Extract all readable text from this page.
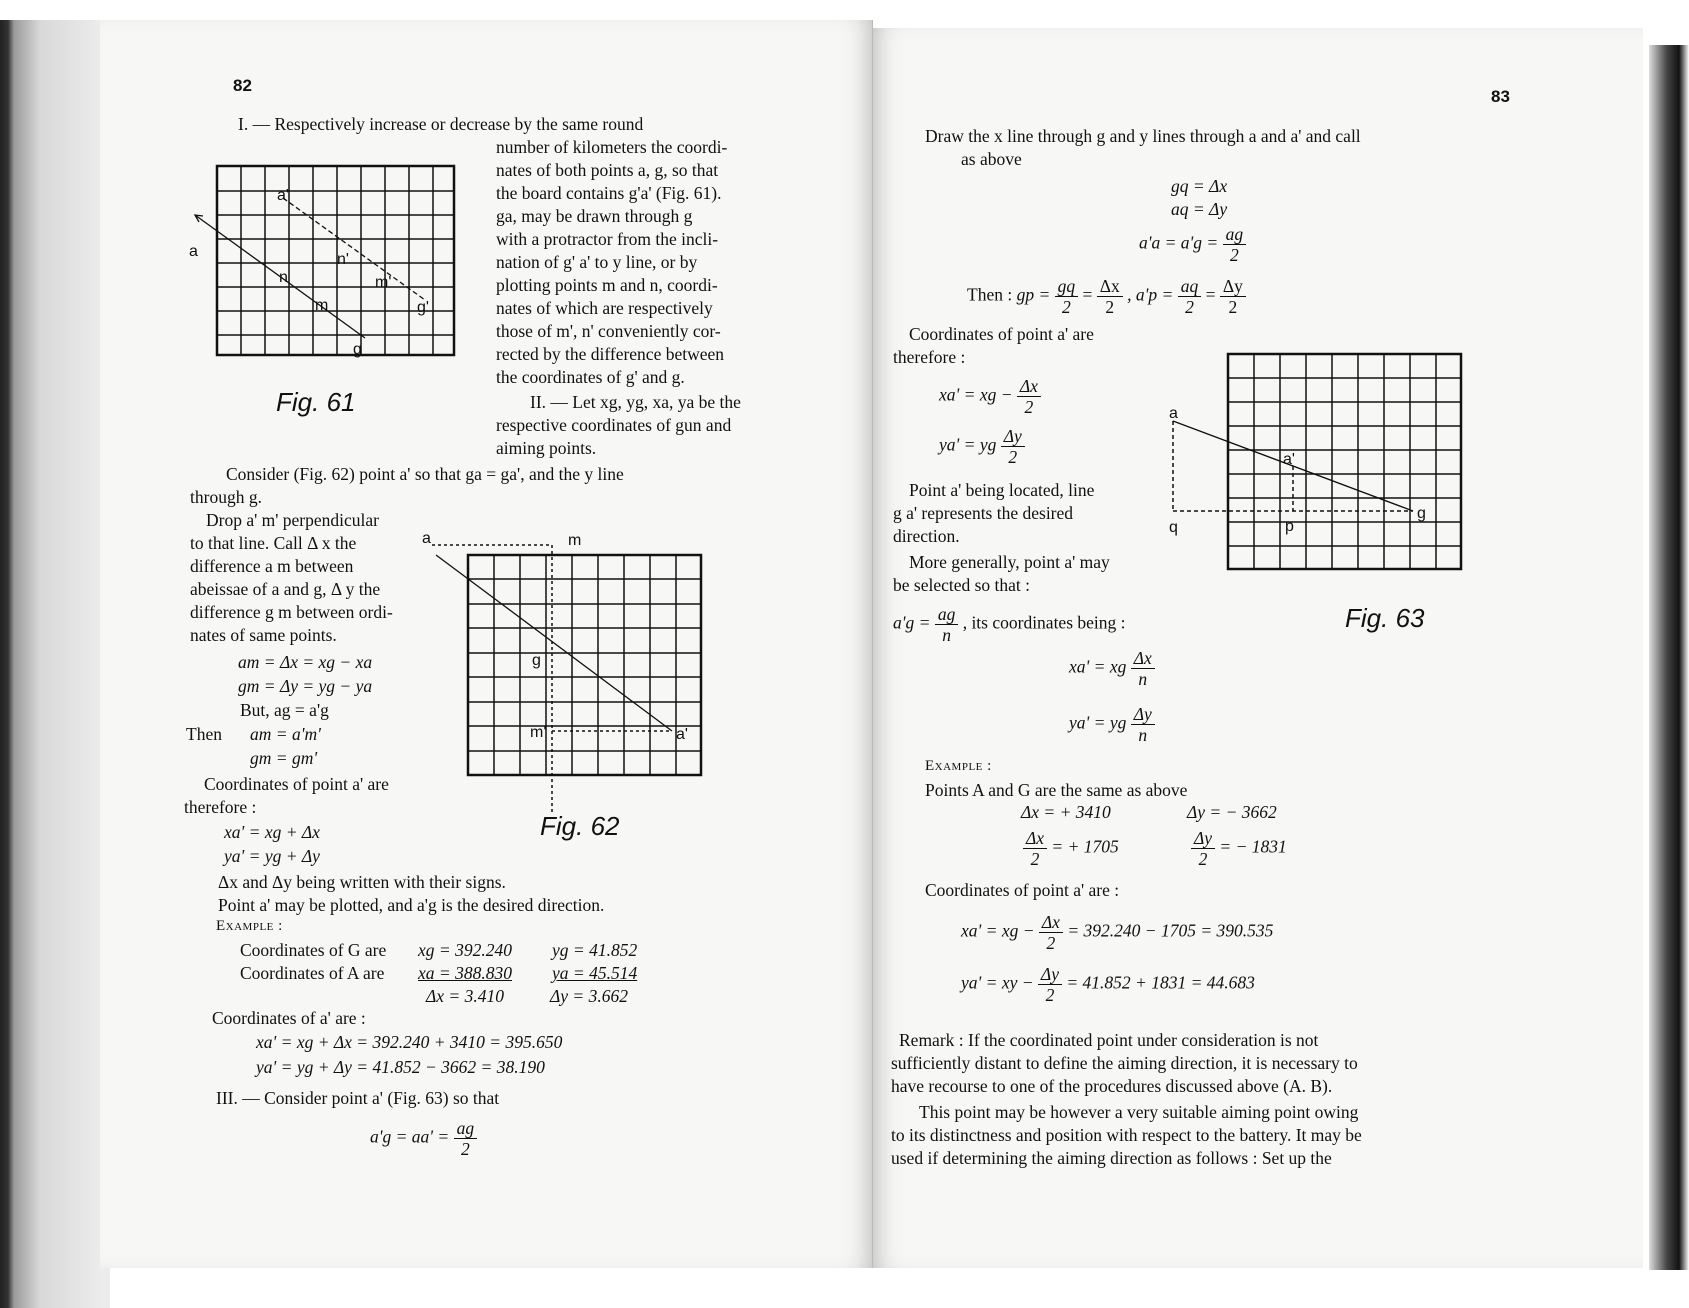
82
I. — Respectively increase or decrease by the same round
number of kilometers the coordi-
nates of both points a, g, so that
the board contains g'a' (Fig. 61).
ga, may be drawn through g
with a protractor from the incli-
nation of g' a' to y line, or by
plotting points m and n, coordi-
nates of which are respectively
those of m', n' conveniently cor-
rected by the difference between
the coordinates of g' and g.
a
a'
n
n'
m
m'
g
g'
Fig. 61	II. — Let xg, yg, xa, ya be the
respective coordinates of gun and
aiming points.
Consider (Fig. 62) point a' so that ga = ga', and the y line
through g.
Drop a' m' perpendicular
to that line. Call Δ x the
difference a m between
abeissae of a and g, Δ y the
difference g m between ordi-
nates of same points.
am = Δx = xg − xa
gm = Δy = yg − ya
But, ag = a'g
Then am = a'm'
gm = gm'
Coordinates of point a' are
therefore :
xa' = xg + Δx
ya' = yg + Δy
Δx and Δy being written with their signs.
Point a' may be plotted, and a'g is the desired direction.
Example :
Coordinates of G are xg = 392.240 yg = 41.852
Coordinates of A are xa = 388.830 ya = 45.514
Δx = 3.410	Δy = 3.662
Coordinates of a' are :
xa' = xg + Δx = 392.240 + 3410 = 395.650
ya' = yg + Δy = 41.852 − 3662 = 38.190
III. — Consider point a' (Fig. 63) so that
$a'g = aa' = \frac{ag}{2}$
a	m
g
m'	a'
Fig. 62
83
Draw the x line through g and y lines through a and a' and call
as above
gq = Δx
aq = Δy
$a'a = a'g = \frac{ag}{2}$
Then : gp = $\frac{gq}{2} = \frac{\Delta x}{2}$ , $a'p = \frac{aq}{2} = \frac{\Delta y}{2}$
Coordinates of point a' are
therefore :
xa' = xg − $\frac{\Delta x}{2}$
ya' = yg $\frac{\Delta y}{2}$
Point a' being located, line
g a' represents the desired
direction.
More generally, point a' may
be selected so that :
$a'g = \frac{ag}{n}$ , its coordinates being :
xa' = xg $\frac{\Delta x}{n}$
ya' = yg $\frac{\Delta y}{n}$
Example :
Points A and G are the same as above
Δx = + 3410	Δy = − 3662
$\frac{\Delta x}{2}$ = + 1705	$\frac{\Delta y}{2}$ = − 1831
Coordinates of point a' are :
xa' = xg − $\frac{\Delta x}{2} = 392.240 - 1705 = 390.535$
ya' = xy − $\frac{\Delta y}{2} = 41.852 + 1831 = 44.683$
Remark : If the coordinated point under consideration is not
sufficiently distant to define the aiming direction, it is necessary to
have recourse to one of the procedures discussed above (A. B).
This point may be however a very suitable aiming point owing
to its distinctness and position with respect to the battery. It may be
used if determining the aiming direction as follows : Set up the
a
a'
q	p
g
Fig. 63
